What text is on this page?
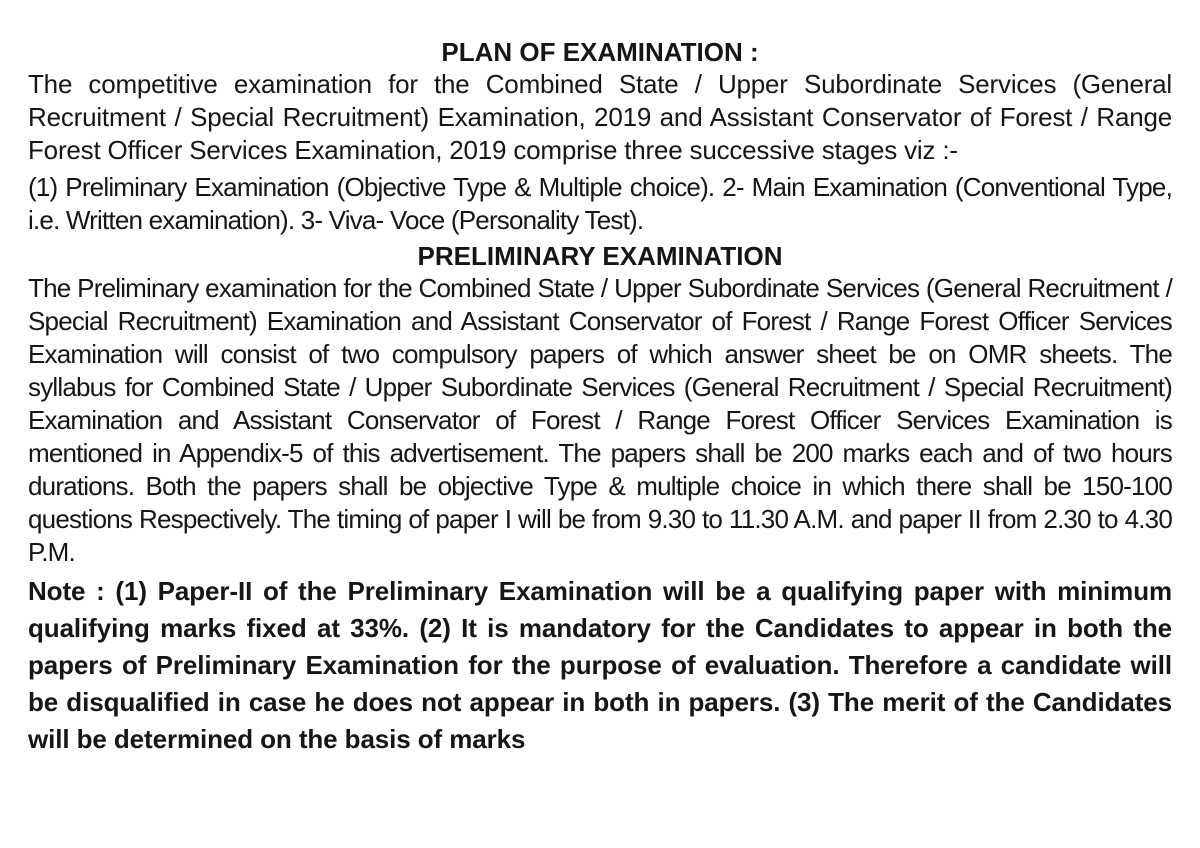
PLAN OF EXAMINATION :

The competitive examination for the Combined State / Upper Subordinate Services (General Recruitment / Special Recruitment) Examination, 2019 and Assistant Conservator of Forest / Range Forest Officer Services Examination, 2019 comprise three successive stages viz :-

(1) Preliminary Examination (Objective Type & Multiple choice). 2- Main Examination (Conventional Type, i.e. Written examination). 3- Viva- Voce (Personality Test).

PRELIMINARY EXAMINATION

The Preliminary examination for the Combined State / Upper Subordinate Services (General Recruitment / Special Recruitment) Examination and Assistant Conservator of Forest / Range Forest Officer Services Examination will consist of two compulsory papers of which answer sheet be on OMR sheets. The syllabus for Combined State / Upper Subordinate Services (General Recruitment / Special Recruitment) Examination and Assistant Conservator of Forest / Range Forest Officer Services Examination is mentioned in Appendix-5 of this advertisement. The papers shall be 200 marks each and of two hours durations. Both the papers shall be objective Type & multiple choice in which there shall be 150-100 questions Respectively. The timing of paper I will be from 9.30 to 11.30 A.M. and paper II from 2.30 to 4.30 P.M.

Note : (1) Paper-II of the Preliminary Examination will be a qualifying paper with minimum qualifying marks fixed at 33%. (2) It is mandatory for the Candidates to appear in both the papers of Preliminary Examination for the purpose of evaluation. Therefore a candidate will be disqualified in case he does not appear in both in papers. (3) The merit of the Candidates will be determined on the basis of marks
